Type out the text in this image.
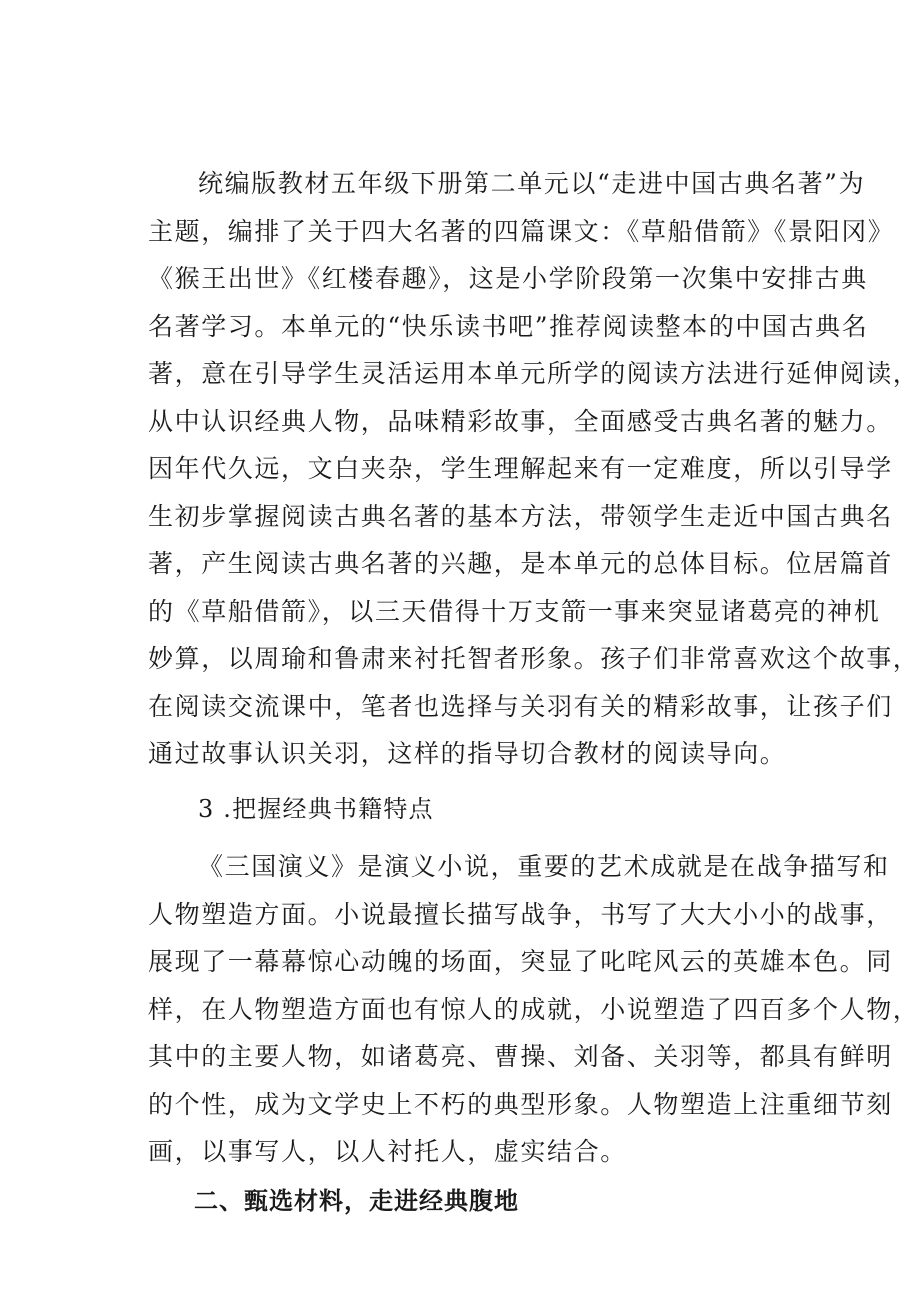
统编版教材五年级下册第二单元以“走进中国古典名著”为
主题，编排了关于四大名著的四篇课文：《草船借箭》《景阳冈》
《猴王出世》《红楼春趣》，这是小学阶段第一次集中安排古典
名著学习。本单元的“快乐读书吧”推荐阅读整本的中国古典名
著，意在引导学生灵活运用本单元所学的阅读方法进行延伸阅读，
从中认识经典人物，品味精彩故事，全面感受古典名著的魅力。
因年代久远，文白夹杂，学生理解起来有一定难度，所以引导学
生初步掌握阅读古典名著的基本方法，带领学生走近中国古典名
著，产生阅读古典名著的兴趣，是本单元的总体目标。位居篇首
的《草船借箭》，以三天借得十万支箭一事来突显诸葛亮的神机
妙算，以周瑜和鲁肃来衬托智者形象。孩子们非常喜欢这个故事，
在阅读交流课中，笔者也选择与关羽有关的精彩故事，让孩子们
通过故事认识关羽，这样的指导切合教材的阅读导向。
3 .把握经典书籍特点
《三国演义》是演义小说，重要的艺术成就是在战争描写和
人物塑造方面。小说最擅长描写战争，书写了大大小小的战事，
展现了一幕幕惊心动魄的场面，突显了叱咤风云的英雄本色。同
样，在人物塑造方面也有惊人的成就，小说塑造了四百多个人物，
其中的主要人物，如诸葛亮、曹操、刘备、关羽等，都具有鲜明
的个性，成为文学史上不朽的典型形象。人物塑造上注重细节刻
画，以事写人，以人衬托人，虚实结合。
二、甄选材料，走进经典腹地
